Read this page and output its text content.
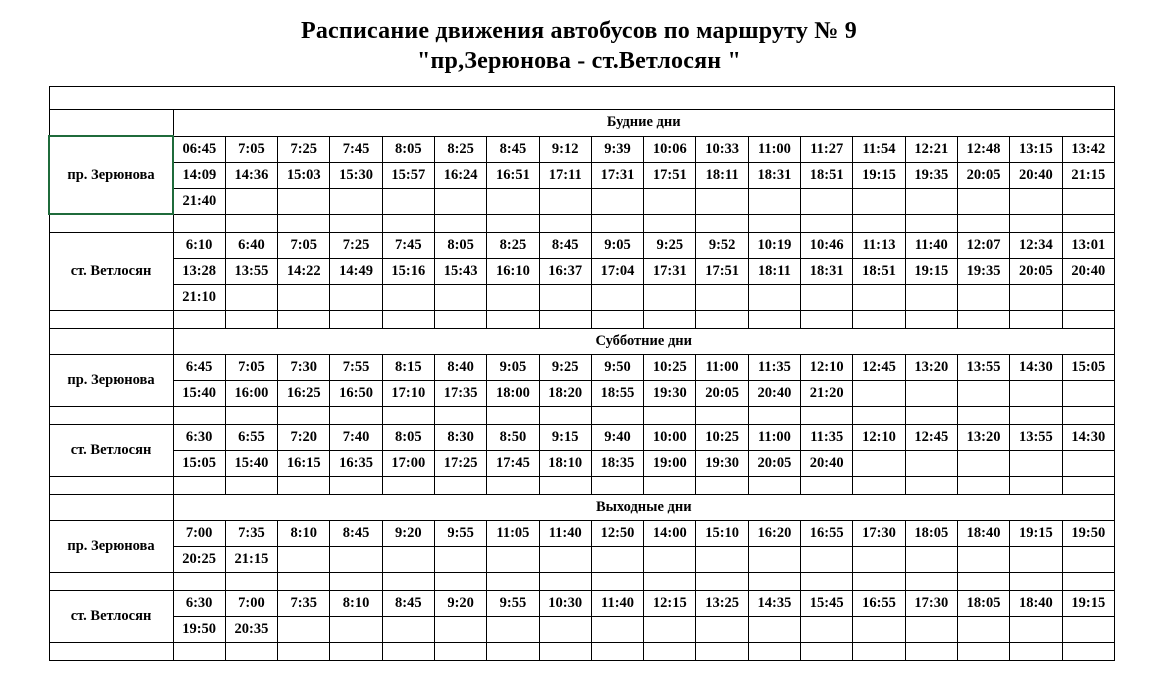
Расписание движения автобусов по маршруту № 9
"пр,Зерюнова - ст.Ветлосян "

	Будние дни																	
пр. Зерюнова	06:45	7:05	7:25	7:45	8:05	8:25	8:45	9:12	9:39	10:06	10:33	11:00	11:27	11:54	12:21	12:48	13:15	13:42
	14:09	14:36	15:03	15:30	15:57	16:24	16:51	17:11	17:31	17:51	18:11	18:31	18:51	19:15	19:35	20:05	20:40	21:15
	21:40																	

ст. Ветлосян	6:10	6:40	7:05	7:25	7:45	8:05	8:25	8:45	9:05	9:25	9:52	10:19	10:46	11:13	11:40	12:07	12:34	13:01
	13:28	13:55	14:22	14:49	15:16	15:43	16:10	16:37	17:04	17:31	17:51	18:11	18:31	18:51	19:15	19:35	20:05	20:40
	21:10																	

	Субботние дни																	
пр. Зерюнова	6:45	7:05	7:30	7:55	8:15	8:40	9:05	9:25	9:50	10:25	11:00	11:35	12:10	12:45	13:20	13:55	14:30	15:05
	15:40	16:00	16:25	16:50	17:10	17:35	18:00	18:20	18:55	19:30	20:05	20:40	21:20					

ст. Ветлосян	6:30	6:55	7:20	7:40	8:05	8:30	8:50	9:15	9:40	10:00	10:25	11:00	11:35	12:10	12:45	13:20	13:55	14:30
	15:05	15:40	16:15	16:35	17:00	17:25	17:45	18:10	18:35	19:00	19:30	20:05	20:40					

	Выходные дни																	
пр. Зерюнова	7:00	7:35	8:10	8:45	9:20	9:55	11:05	11:40	12:50	14:00	15:10	16:20	16:55	17:30	18:05	18:40	19:15	19:50
	20:25	21:15																

ст. Ветлосян	6:30	7:00	7:35	8:10	8:45	9:20	9:55	10:30	11:40	12:15	13:25	14:35	15:45	16:55	17:30	18:05	18:40	19:15
	19:50	20:35																
